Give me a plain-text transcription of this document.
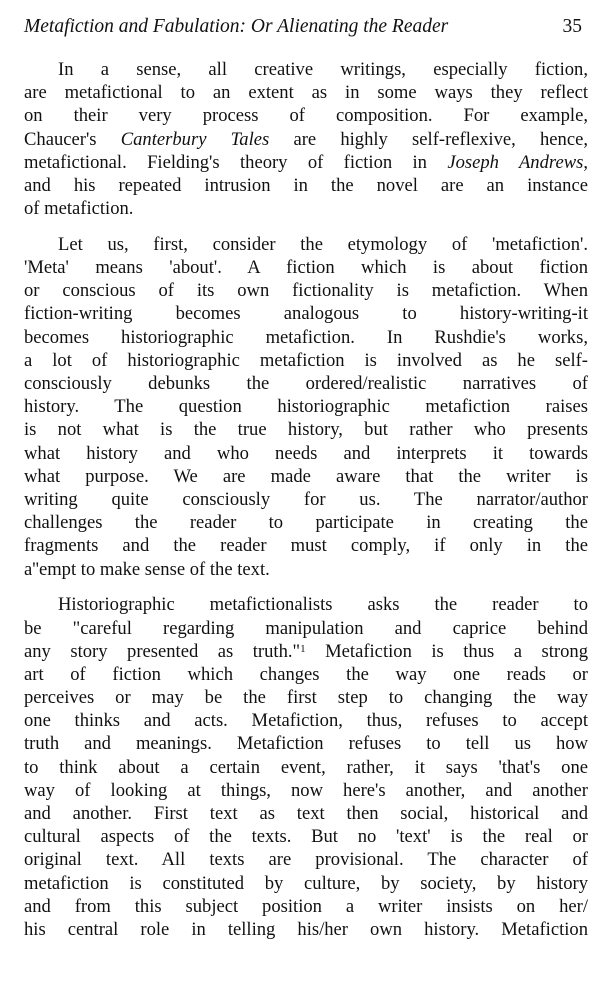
Metafiction and Fabulation: Or Alienating the Reader	35

In a sense, all creative writings, especially fiction,
are metafictional to an extent as in some ways they reflect
on their very process of composition. For example,
Chaucer's Canterbury Tales are highly self-reflexive, hence,
metafictional. Fielding's theory of fiction in Joseph Andrews,
and his repeated intrusion in the novel are an instance
of metafiction.

Let us, first, consider the etymology of 'metafiction'.
'Meta' means 'about'. A fiction which is about fiction
or conscious of its own fictionality is metafiction. When
fiction-writing becomes analogous to history-writing-it
becomes historiographic metafiction. In Rushdie's works,
a lot of historiographic metafiction is involved as he self-
consciously debunks the ordered/realistic narratives of
history. The question historiographic metafiction raises
is not what is the true history, but rather who presents
what history and who needs and interprets it towards
what purpose. We are made aware that the writer is
writing quite consciously for us. The narrator/author
challenges the reader to participate in creating the
fragments and the reader must comply, if only in the
a''empt to make sense of the text.

Historiographic metafictionalists asks the reader to
be "careful regarding manipulation and caprice behind
any story presented as truth."$^1$ Metafiction is thus a strong
art of fiction which changes the way one reads or
perceives or may be the first step to changing the way
one thinks and acts. Metafiction, thus, refuses to accept
truth and meanings. Metafiction refuses to tell us how
to think about a certain event, rather, it says 'that's one
way of looking at things, now here's another, and another
and another. First text as text then social, historical and
cultural aspects of the texts. But no 'text' is the real or
original text. All texts are provisional. The character of
metafiction is constituted by culture, by society, by history
and from this subject position a writer insists on her/
his central role in telling his/her own history. Metafiction
